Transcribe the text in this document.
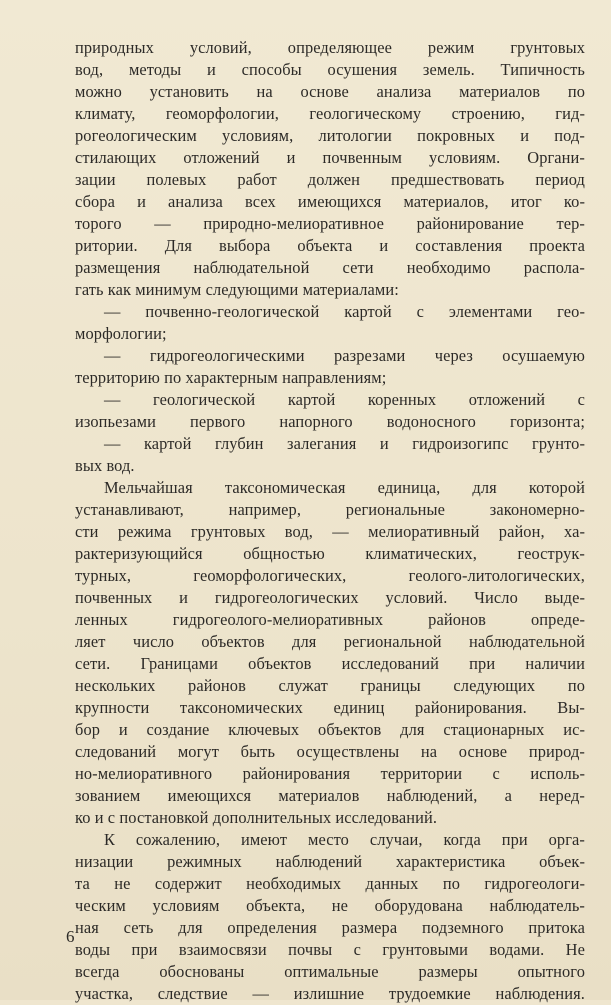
природных условий, определяющее режим грунтовых
вод, методы и способы осушения земель. Типичность
можно установить на основе анализа материалов по
климату, геоморфологии, геологическому строению, гид-
рогеологическим условиям, литологии покровных и под-
стилающих отложений и почвенным условиям. Органи-
зации полевых работ должен предшествовать период
сбора и анализа всех имеющихся материалов, итог ко-
торого — природно-мелиоративное районирование тер-
ритории. Для выбора объекта и составления проекта
размещения наблюдательной сети необходимо распола-
гать как минимум следующими материалами:
— почвенно-геологической картой с элементами гео-
морфологии;
— гидрогеологическими разрезами через осушаемую
территорию по характерным направлениям;
— геологической картой коренных отложений с
изопьезами первого напорного водоносного горизонта;
— картой глубин залегания и гидроизогипс грунто-
вых вод.
Мельчайшая таксономическая единица, для которой
устанавливают, например, региональные закономерно-
сти режима грунтовых вод, — мелиоративный район, ха-
рактеризующийся общностью климатических, геострук-
турных, геоморфологических, геолого-литологических,
почвенных и гидрогеологических условий. Число выде-
ленных гидрогеолого-мелиоративных районов опреде-
ляет число объектов для региональной наблюдательной
сети. Границами объектов исследований при наличии
нескольких районов служат границы следующих по
крупности таксономических единиц районирования. Вы-
бор и создание ключевых объектов для стационарных ис-
следований могут быть осуществлены на основе природ-
но-мелиоративного районирования территории с исполь-
зованием имеющихся материалов наблюдений, а неред-
ко и с постановкой дополнительных исследований.
К сожалению, имеют место случаи, когда при орга-
низации режимных наблюдений характеристика объек-
та не содержит необходимых данных по гидрогеологи-
ческим условиям объекта, не оборудована наблюдатель-
ная сеть для определения размера подземного притока
воды при взаимосвязи почвы с грунтовыми водами. Не
всегда обоснованы оптимальные размеры опытного
участка, следствие — излишние трудоемкие наблюдения.
6
